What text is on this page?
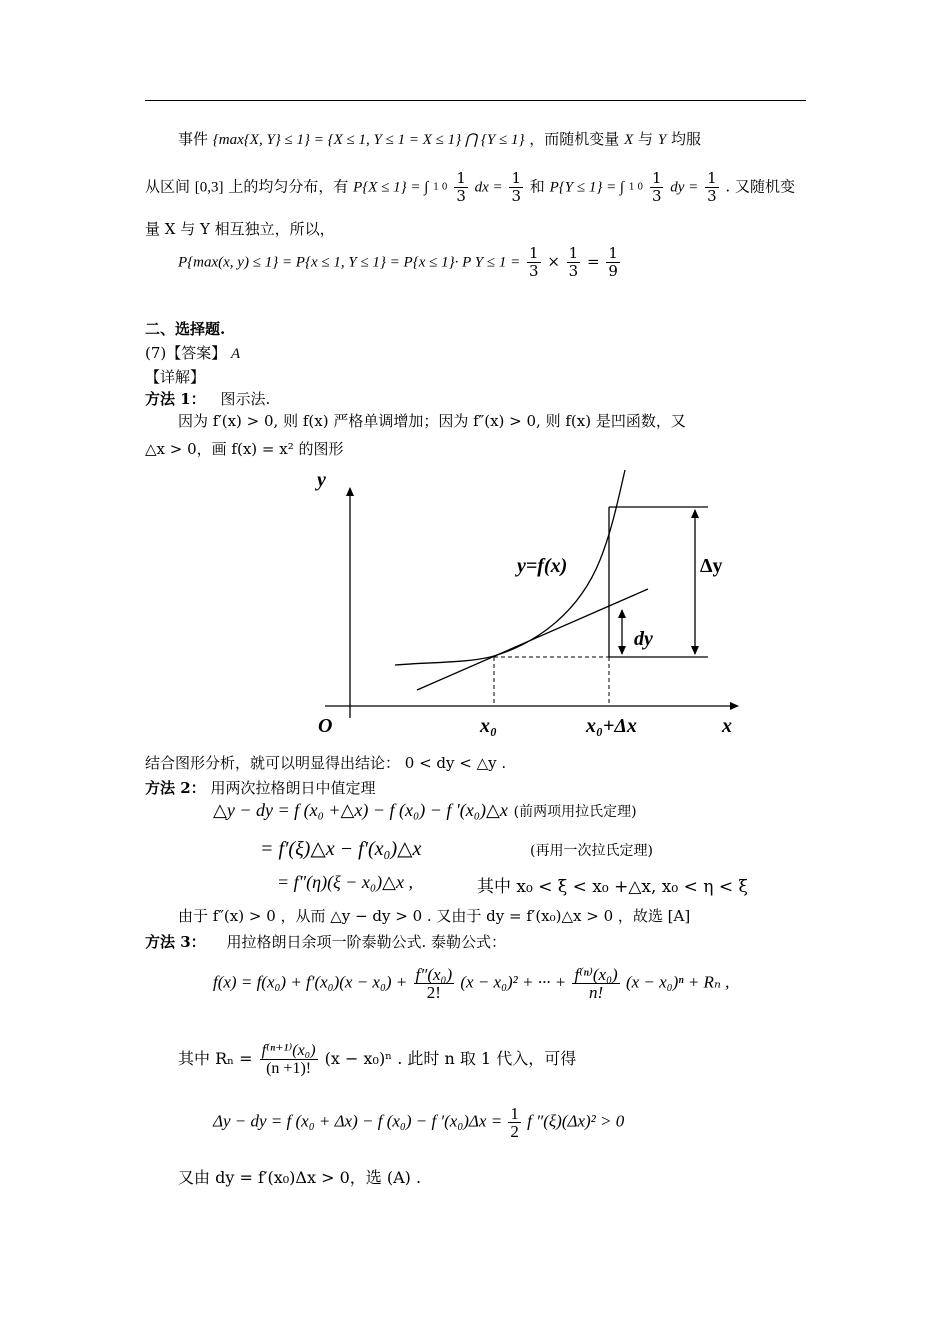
事件 {max{X, Y} ≤ 1} = {X ≤ 1, Y ≤ 1 = X ≤ 1} ⋂ {Y ≤ 1} ，而随机变量 X 与 Y 均服
从区间 [0,3] 上的均匀分布，有 P{X ≤ 1} = ∫ 1 $0 \frac{1}{3}$ dx = $\frac{1}{3}$ 和 P{Y ≤ 1} = ∫ 1 $0 \frac{1}{3}$ dy = $\frac{1}{3}$ . 又随机变
量 X 与 Y 相互独立，所以，
P{max(x, y) ≤ 1} = P{x ≤ 1, Y ≤ 1} = P{x ≤ 1}· P $Y \le 1 = \frac{1}{3} \times \frac{1}{3} = \frac{1}{9}$
二、选择题.
(7)【答案】 A
【详解】
方法 1： 图示法.
因为 f′(x) > 0, 则 f(x) 严格单调增加；因为 f″(x) > 0, 则 f(x) 是凹函数，又
△x > 0，画 f(x) = x² 的图形
y
x
O
y=f(x)	Δy
dy
x₀	x₀+Δx
结合图形分析，就可以明显得出结论： 0 < dy < △y .
方法 2： 用两次拉格朗日中值定理
△y − dy = f (x₀ +△x) − f (x₀) − f ′(x₀)△x (前两项用拉氏定理)
= f′(ξ)△x − f′(x₀)△x	(再用一次拉氏定理)
= f″(η)(ξ − x₀)△x ,	其中 x₀ < ξ < x₀ +△x, x₀ < η < ξ
由于 f″(x) > 0 ，从而 △y − dy > 0 . 又由于 dy = f′(x₀)△x > 0 ，故选 [A]
方法 3： 用拉格朗日余项一阶泰勒公式. 泰勒公式：
$f(x) = f(x_0) + f'(x_0)(x - x_0) + \frac{\text{f″(x₀)}}{2!} (x - x_0)^2$ + ··· + $\frac{\text{f⁽ⁿ⁾(x₀)}}{n!} (x - x_0)^n + R_n$ ,
其中 $R_n = \frac{\text{f⁽ⁿ⁺¹⁾(x₀)}}{(n +1)!} (x - x_0)^n$ . 此时 n 取 1 代入，可得
Δy − dy = f (x₀ + Δx) − f (x₀) − f $'(x_0)\Delta x = \frac{1}{2}$ f ″(ξ)(Δx)² > 0
又由 dy = f′(x₀)Δx > 0，选 (A) .
